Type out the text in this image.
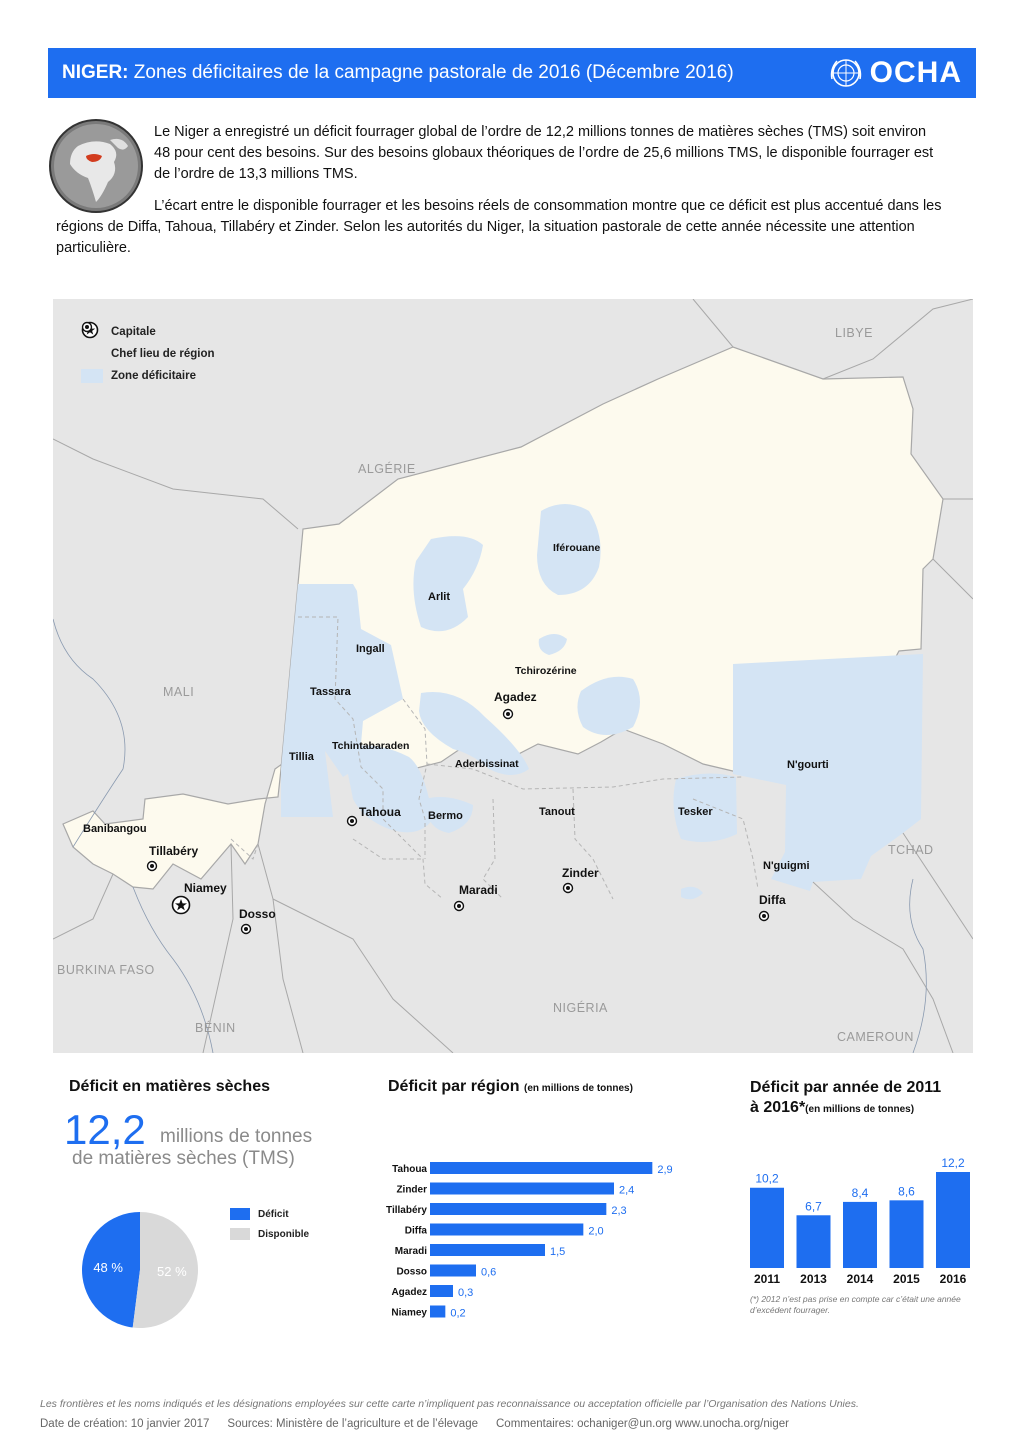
NIGER: Zones déficitaires de la campagne pastorale de 2016 (Décembre 2016)	OCHA
Le Niger a enregistré un déficit fourrager global de l’ordre de 12,2 millions tonnes de matières sèches (TMS) soit environ 48 pour cent des besoins. Sur des besoins globaux théoriques de l’ordre de 25,6 millions TMS, le disponible fourrager est de l’ordre de 13,3 millions TMS.
L’écart entre le disponible fourrager et les besoins réels de consommation montre que ce déficit est plus accentué dans les régions de Diffa, Tahoua, Tillabéry et Zinder. Selon les autorités du Niger, la situation pastorale de cette année nécessite une attention particulière.
LIBYE
ALGÉRIE
MALI
TCHAD
BURKINA FASO
NIGÉRIA
BÉNIN
CAMEROUN
Capitale
Chef lieu de région
Zone déficitaire
Niamey
Tillabéry
Dosso
Tahoua
Maradi
Zinder
Agadez
Diffa
Iférouane
Arlit
Ingall
Tchirozérine
Tassara
Tillia
Tchintabaraden
Aderbissinat
Bermo	Tanout	Tesker
N'gourti
N'guigmi
Banibangou
Déficit en matières sèches
12,2 millions de tonnes
de matières sèches (TMS)
48 %	52 %
Déficit
Disponible
Déficit par région (en millions de tonnes)
Tahoua	2,9
Zinder	2,4
Tillabéry	2,3
Diffa	2,0
Maradi	1,5
Dosso	0,6
Agadez	0,3
Niamey 0,2
Déficit par année de 2011
à 2016*(en millions de tonnes)
10,2
2011
6,7
2013
8,4
2014
8,6
2015
12,2
2016
(*) 2012 n’est pas prise en compte car c’était une année d’excédent fourrager.
Les frontières et les noms indiqués et les désignations employées sur cette carte n’impliquent pas reconnaissance ou acceptation officielle par l’Organisation des Nations Unies.
Date de création: 10 janvier 2017 Sources: Ministère de l’agriculture et de l’élevage Commentaires: ochaniger@un.org www.unocha.org/niger
